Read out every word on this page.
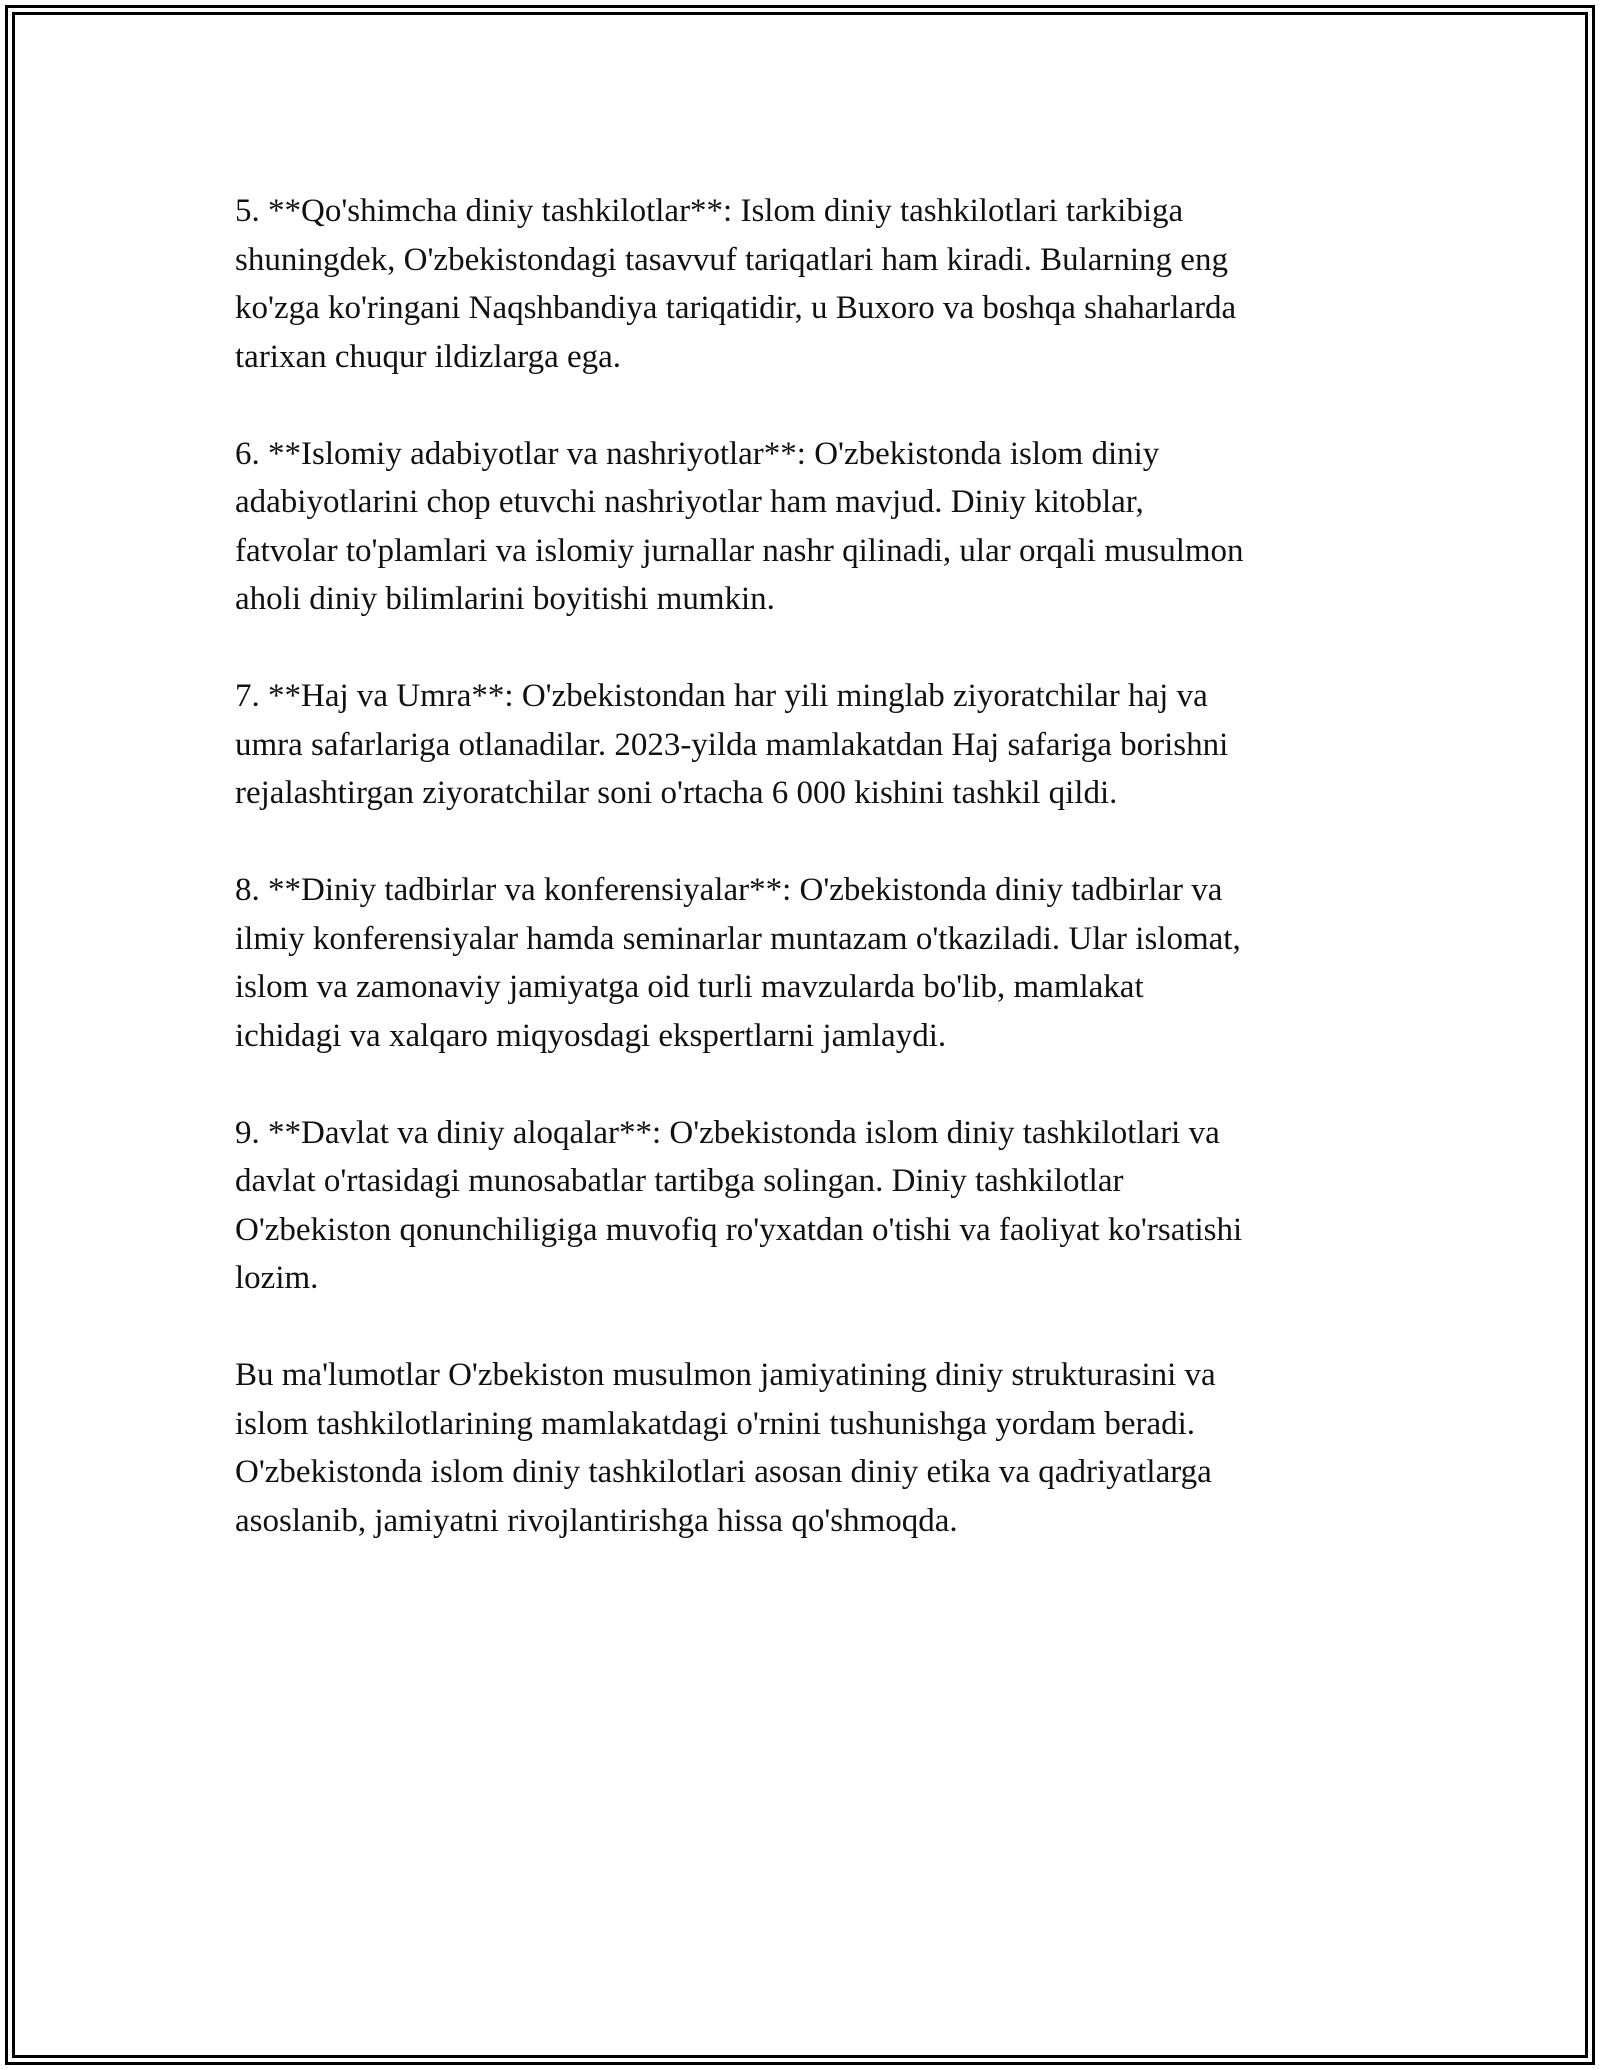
5. **Qo'shimcha diniy tashkilotlar**: Islom diniy tashkilotlari tarkibiga
shuningdek, O'zbekistondagi tasavvuf tariqatlari ham kiradi. Bularning eng
ko'zga ko'ringani Naqshbandiya tariqatidir, u Buxoro va boshqa shaharlarda
tarixan chuqur ildizlarga ega.

6. **Islomiy adabiyotlar va nashriyotlar**: O'zbekistonda islom diniy
adabiyotlarini chop etuvchi nashriyotlar ham mavjud. Diniy kitoblar,
fatvolar to'plamlari va islomiy jurnallar nashr qilinadi, ular orqali musulmon
aholi diniy bilimlarini boyitishi mumkin.

7. **Haj va Umra**: O'zbekistondan har yili minglab ziyoratchilar haj va
umra safarlariga otlanadilar. 2023-yilda mamlakatdan Haj safariga borishni
rejalashtirgan ziyoratchilar soni o'rtacha 6 000 kishini tashkil qildi.

8. **Diniy tadbirlar va konferensiyalar**: O'zbekistonda diniy tadbirlar va
ilmiy konferensiyalar hamda seminarlar muntazam o'tkaziladi. Ular islomat,
islom va zamonaviy jamiyatga oid turli mavzularda bo'lib, mamlakat
ichidagi va xalqaro miqyosdagi ekspertlarni jamlaydi.

9. **Davlat va diniy aloqalar**: O'zbekistonda islom diniy tashkilotlari va
davlat o'rtasidagi munosabatlar tartibga solingan. Diniy tashkilotlar
O'zbekiston qonunchiligiga muvofiq ro'yxatdan o'tishi va faoliyat ko'rsatishi
lozim.

Bu ma'lumotlar O'zbekiston musulmon jamiyatining diniy strukturasini va
islom tashkilotlarining mamlakatdagi o'rnini tushunishga yordam beradi.
O'zbekistonda islom diniy tashkilotlari asosan diniy etika va qadriyatlarga
asoslanib, jamiyatni rivojlantirishga hissa qo'shmoqda.
